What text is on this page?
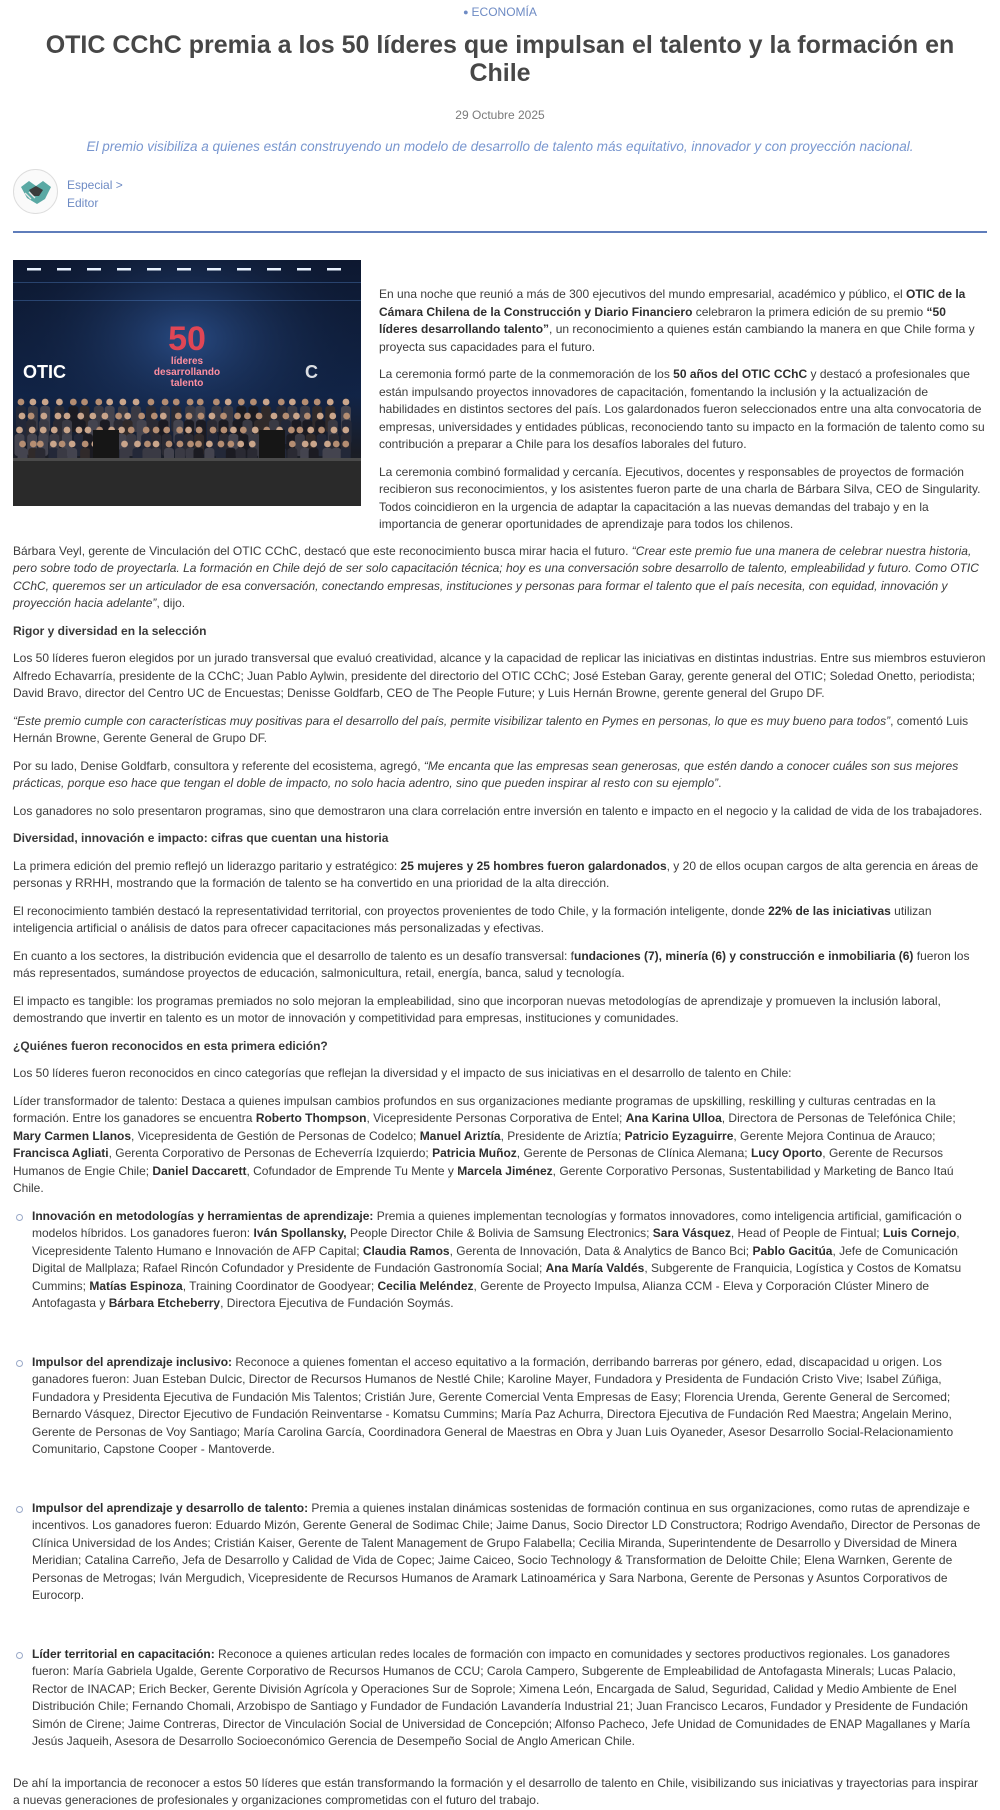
● ECONOMÍA
OTIC CChC premia a los 50 líderes que impulsan el talento y la formación en Chile
29 Octubre 2025
El premio visibiliza a quienes están construyendo un modelo de desarrollo de talento más equitativo, innovador y con proyección nacional.
Especial >
Editor
50
líderes
desarrollando
talento
OTIC	C

En una noche que reunió a más de 300 ejecutivos del mundo empresarial, académico y público, el OTIC de la Cámara Chilena de la Construcción y Diario Financiero celebraron la primera edición de su premio “50 líderes desarrollando talento”, un reconocimiento a quienes están cambiando la manera en que Chile forma y proyecta sus capacidades para el futuro.

La ceremonia formó parte de la conmemoración de los 50 años del OTIC CChC y destacó a profesionales que están impulsando proyectos innovadores de capacitación, fomentando la inclusión y la actualización de habilidades en distintos sectores del país. Los galardonados fueron seleccionados entre una alta convocatoria de empresas, universidades y entidades públicas, reconociendo tanto su impacto en la formación de talento como su contribución a preparar a Chile para los desafíos laborales del futuro.

La ceremonia combinó formalidad y cercanía. Ejecutivos, docentes y responsables de proyectos de formación recibieron sus reconocimientos, y los asistentes fueron parte de una charla de Bárbara Silva, CEO de Singularity. Todos coincidieron en la urgencia de adaptar la capacitación a las nuevas demandas del trabajo y en la importancia de generar oportunidades de aprendizaje para todos los chilenos.

Bárbara Veyl, gerente de Vinculación del OTIC CChC, destacó que este reconocimiento busca mirar hacia el futuro. “Crear este premio fue una manera de celebrar nuestra historia, pero sobre todo de proyectarla. La formación en Chile dejó de ser solo capacitación técnica; hoy es una conversación sobre desarrollo de talento, empleabilidad y futuro. Como OTIC CChC, queremos ser un articulador de esa conversación, conectando empresas, instituciones y personas para formar el talento que el país necesita, con equidad, innovación y proyección hacia adelante”, dijo.

Rigor y diversidad en la selección

Los 50 líderes fueron elegidos por un jurado transversal que evaluó creatividad, alcance y la capacidad de replicar las iniciativas en distintas industrias. Entre sus miembros estuvieron Alfredo Echavarría, presidente de la CChC; Juan Pablo Aylwin, presidente del directorio del OTIC CChC; José Esteban Garay, gerente general del OTIC; Soledad Onetto, periodista; David Bravo, director del Centro UC de Encuestas; Denisse Goldfarb, CEO de The People Future; y Luis Hernán Browne, gerente general del Grupo DF.

“Este premio cumple con características muy positivas para el desarrollo del país, permite visibilizar talento en Pymes en personas, lo que es muy bueno para todos”, comentó Luis Hernán Browne, Gerente General de Grupo DF.

Por su lado, Denise Goldfarb, consultora y referente del ecosistema, agregó, “Me encanta que las empresas sean generosas, que estén dando a conocer cuáles son sus mejores prácticas, porque eso hace que tengan el doble de impacto, no solo hacia adentro, sino que pueden inspirar al resto con su ejemplo”.

Los ganadores no solo presentaron programas, sino que demostraron una clara correlación entre inversión en talento e impacto en el negocio y la calidad de vida de los trabajadores.

Diversidad, innovación e impacto: cifras que cuentan una historia

La primera edición del premio reflejó un liderazgo paritario y estratégico: 25 mujeres y 25 hombres fueron galardonados, y 20 de ellos ocupan cargos de alta gerencia en áreas de personas y RRHH, mostrando que la formación de talento se ha convertido en una prioridad de la alta dirección.

El reconocimiento también destacó la representatividad territorial, con proyectos provenientes de todo Chile, y la formación inteligente, donde 22% de las iniciativas utilizan inteligencia artificial o análisis de datos para ofrecer capacitaciones más personalizadas y efectivas.

En cuanto a los sectores, la distribución evidencia que el desarrollo de talento es un desafío transversal: fundaciones (7), minería (6) y construcción e inmobiliaria (6) fueron los más representados, sumándose proyectos de educación, salmonicultura, retail, energía, banca, salud y tecnología.

El impacto es tangible: los programas premiados no solo mejoran la empleabilidad, sino que incorporan nuevas metodologías de aprendizaje y promueven la inclusión laboral, demostrando que invertir en talento es un motor de innovación y competitividad para empresas, instituciones y comunidades.

¿Quiénes fueron reconocidos en esta primera edición?

Los 50 líderes fueron reconocidos en cinco categorías que reflejan la diversidad y el impacto de sus iniciativas en el desarrollo de talento en Chile:

Líder transformador de talento: Destaca a quienes impulsan cambios profundos en sus organizaciones mediante programas de upskilling, reskilling y culturas centradas en la formación. Entre los ganadores se encuentra Roberto Thompson, Vicepresidente Personas Corporativa de Entel; Ana Karina Ulloa, Directora de Personas de Telefónica Chile; Mary Carmen Llanos, Vicepresidenta de Gestión de Personas de Codelco; Manuel Ariztía, Presidente de Ariztía; Patricio Eyzaguirre, Gerente Mejora Continua de Arauco; Francisca Agliati, Gerenta Corporativo de Personas de Echeverría Izquierdo; Patricia Muñoz, Gerente de Personas de Clínica Alemana; Lucy Oporto, Gerente de Recursos Humanos de Engie Chile; Daniel Daccarett, Cofundador de Emprende Tu Mente y Marcela Jiménez, Gerente Corporativo Personas, Sustentabilidad y Marketing de Banco Itaú Chile.

Innovación en metodologías y herramientas de aprendizaje: Premia a quienes implementan tecnologías y formatos innovadores, como inteligencia artificial, gamificación o modelos híbridos. Los ganadores fueron: Iván Spollansky, People Director Chile & Bolivia de Samsung Electronics; Sara Vásquez, Head of People de Fintual; Luis Cornejo, Vicepresidente Talento Humano e Innovación de AFP Capital; Claudia Ramos, Gerenta de Innovación, Data & Analytics de Banco Bci; Pablo Gacitúa, Jefe de Comunicación Digital de Mallplaza; Rafael Rincón Cofundador y Presidente de Fundación Gastronomía Social; Ana María Valdés, Subgerente de Franquicia, Logística y Costos de Komatsu Cummins; Matías Espinoza, Training Coordinator de Goodyear; Cecilia Meléndez, Gerente de Proyecto Impulsa, Alianza CCM - Eleva y Corporación Clúster Minero de Antofagasta y Bárbara Etcheberry, Directora Ejecutiva de Fundación Soymás.
Impulsor del aprendizaje inclusivo: Reconoce a quienes fomentan el acceso equitativo a la formación, derribando barreras por género, edad, discapacidad u origen. Los ganadores fueron: Juan Esteban Dulcic, Director de Recursos Humanos de Nestlé Chile; Karoline Mayer, Fundadora y Presidenta de Fundación Cristo Vive; Isabel Zúñiga, Fundadora y Presidenta Ejecutiva de Fundación Mis Talentos; Cristián Jure, Gerente Comercial Venta Empresas de Easy; Florencia Urenda, Gerente General de Sercomed; Bernardo Vásquez, Director Ejecutivo de Fundación Reinventarse - Komatsu Cummins; María Paz Achurra, Directora Ejecutiva de Fundación Red Maestra; Angelain Merino, Gerente de Personas de Voy Santiago; María Carolina García, Coordinadora General de Maestras en Obra y Juan Luis Oyaneder, Asesor Desarrollo Social-Relacionamiento Comunitario, Capstone Cooper - Mantoverde.
Impulsor del aprendizaje y desarrollo de talento: Premia a quienes instalan dinámicas sostenidas de formación continua en sus organizaciones, como rutas de aprendizaje e incentivos. Los ganadores fueron: Eduardo Mizón, Gerente General de Sodimac Chile; Jaime Danus, Socio Director LD Constructora; Rodrigo Avendaño, Director de Personas de Clínica Universidad de los Andes; Cristián Kaiser, Gerente de Talent Management de Grupo Falabella; Cecilia Miranda, Superintendente de Desarrollo y Diversidad de Minera Meridian; Catalina Carreño, Jefa de Desarrollo y Calidad de Vida de Copec; Jaime Caiceo, Socio Technology & Transformation de Deloitte Chile; Elena Warnken, Gerente de Personas de Metrogas; Iván Mergudich, Vicepresidente de Recursos Humanos de Aramark Latinoamérica y Sara Narbona, Gerente de Personas y Asuntos Corporativos de Eurocorp.
Líder territorial en capacitación: Reconoce a quienes articulan redes locales de formación con impacto en comunidades y sectores productivos regionales. Los ganadores fueron: María Gabriela Ugalde, Gerente Corporativo de Recursos Humanos de CCU; Carola Campero, Subgerente de Empleabilidad de Antofagasta Minerals; Lucas Palacio, Rector de INACAP; Erich Becker, Gerente División Agrícola y Operaciones Sur de Soprole; Ximena León, Encargada de Salud, Seguridad, Calidad y Medio Ambiente de Enel Distribución Chile; Fernando Chomali, Arzobispo de Santiago y Fundador de Fundación Lavandería Industrial 21; Juan Francisco Lecaros, Fundador y Presidente de Fundación Simón de Cirene; Jaime Contreras, Director de Vinculación Social de Universidad de Concepción; Alfonso Pacheco, Jefe Unidad de Comunidades de ENAP Magallanes y María Jesús Jaqueih, Asesora de Desarrollo Socioeconómico Gerencia de Desempeño Social de Anglo American Chile.

De ahí la importancia de reconocer a estos 50 líderes que están transformando la formación y el desarrollo de talento en Chile, visibilizando sus iniciativas y trayectorias para inspirar a nuevas generaciones de profesionales y organizaciones comprometidas con el futuro del trabajo.
